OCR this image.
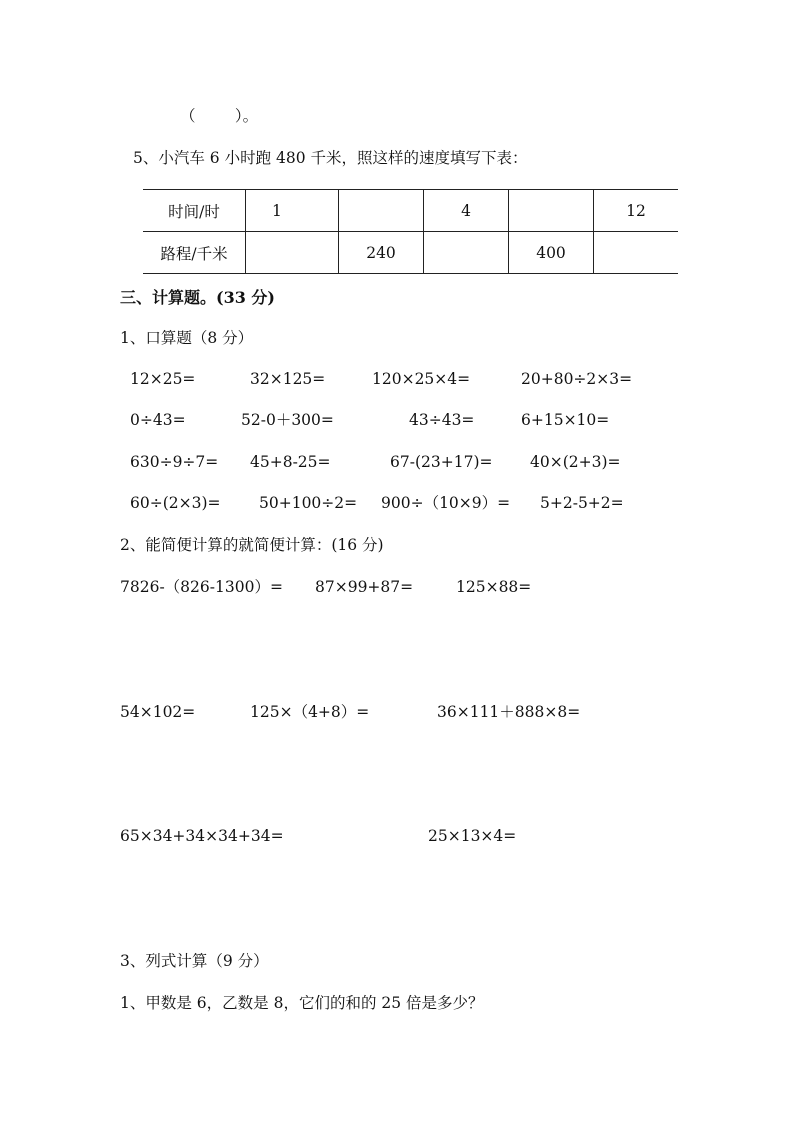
（        ）。
5、小汽车 6 小时跑 480 千米，照这样的速度填写下表：
时间/时	1		4		12
路程/千米		240		400	
三、计算题。(33 分)
1、口算题（8 分）
12×25=	32×125=	120×25×4=	20+80÷2×3=
0÷43=	52-0＋300=	43÷43=	6+15×10=
630÷9÷7= 45+8-25=	67-(23+17)= 40×(2+3)=
60÷(2×3)= 50+100÷2= 900÷（10×9）= 5+2-5+2=
2、能简便计算的就简便计算：(16 分)
7826-（826-1300）= 87×99+87=	125×88=
54×102=	125×（4+8）=	36×111＋888×8=
65×34+34×34+34=	25×13×4=
3、列式计算（9 分）
1、甲数是 6，乙数是 8，它们的和的 25 倍是多少？
